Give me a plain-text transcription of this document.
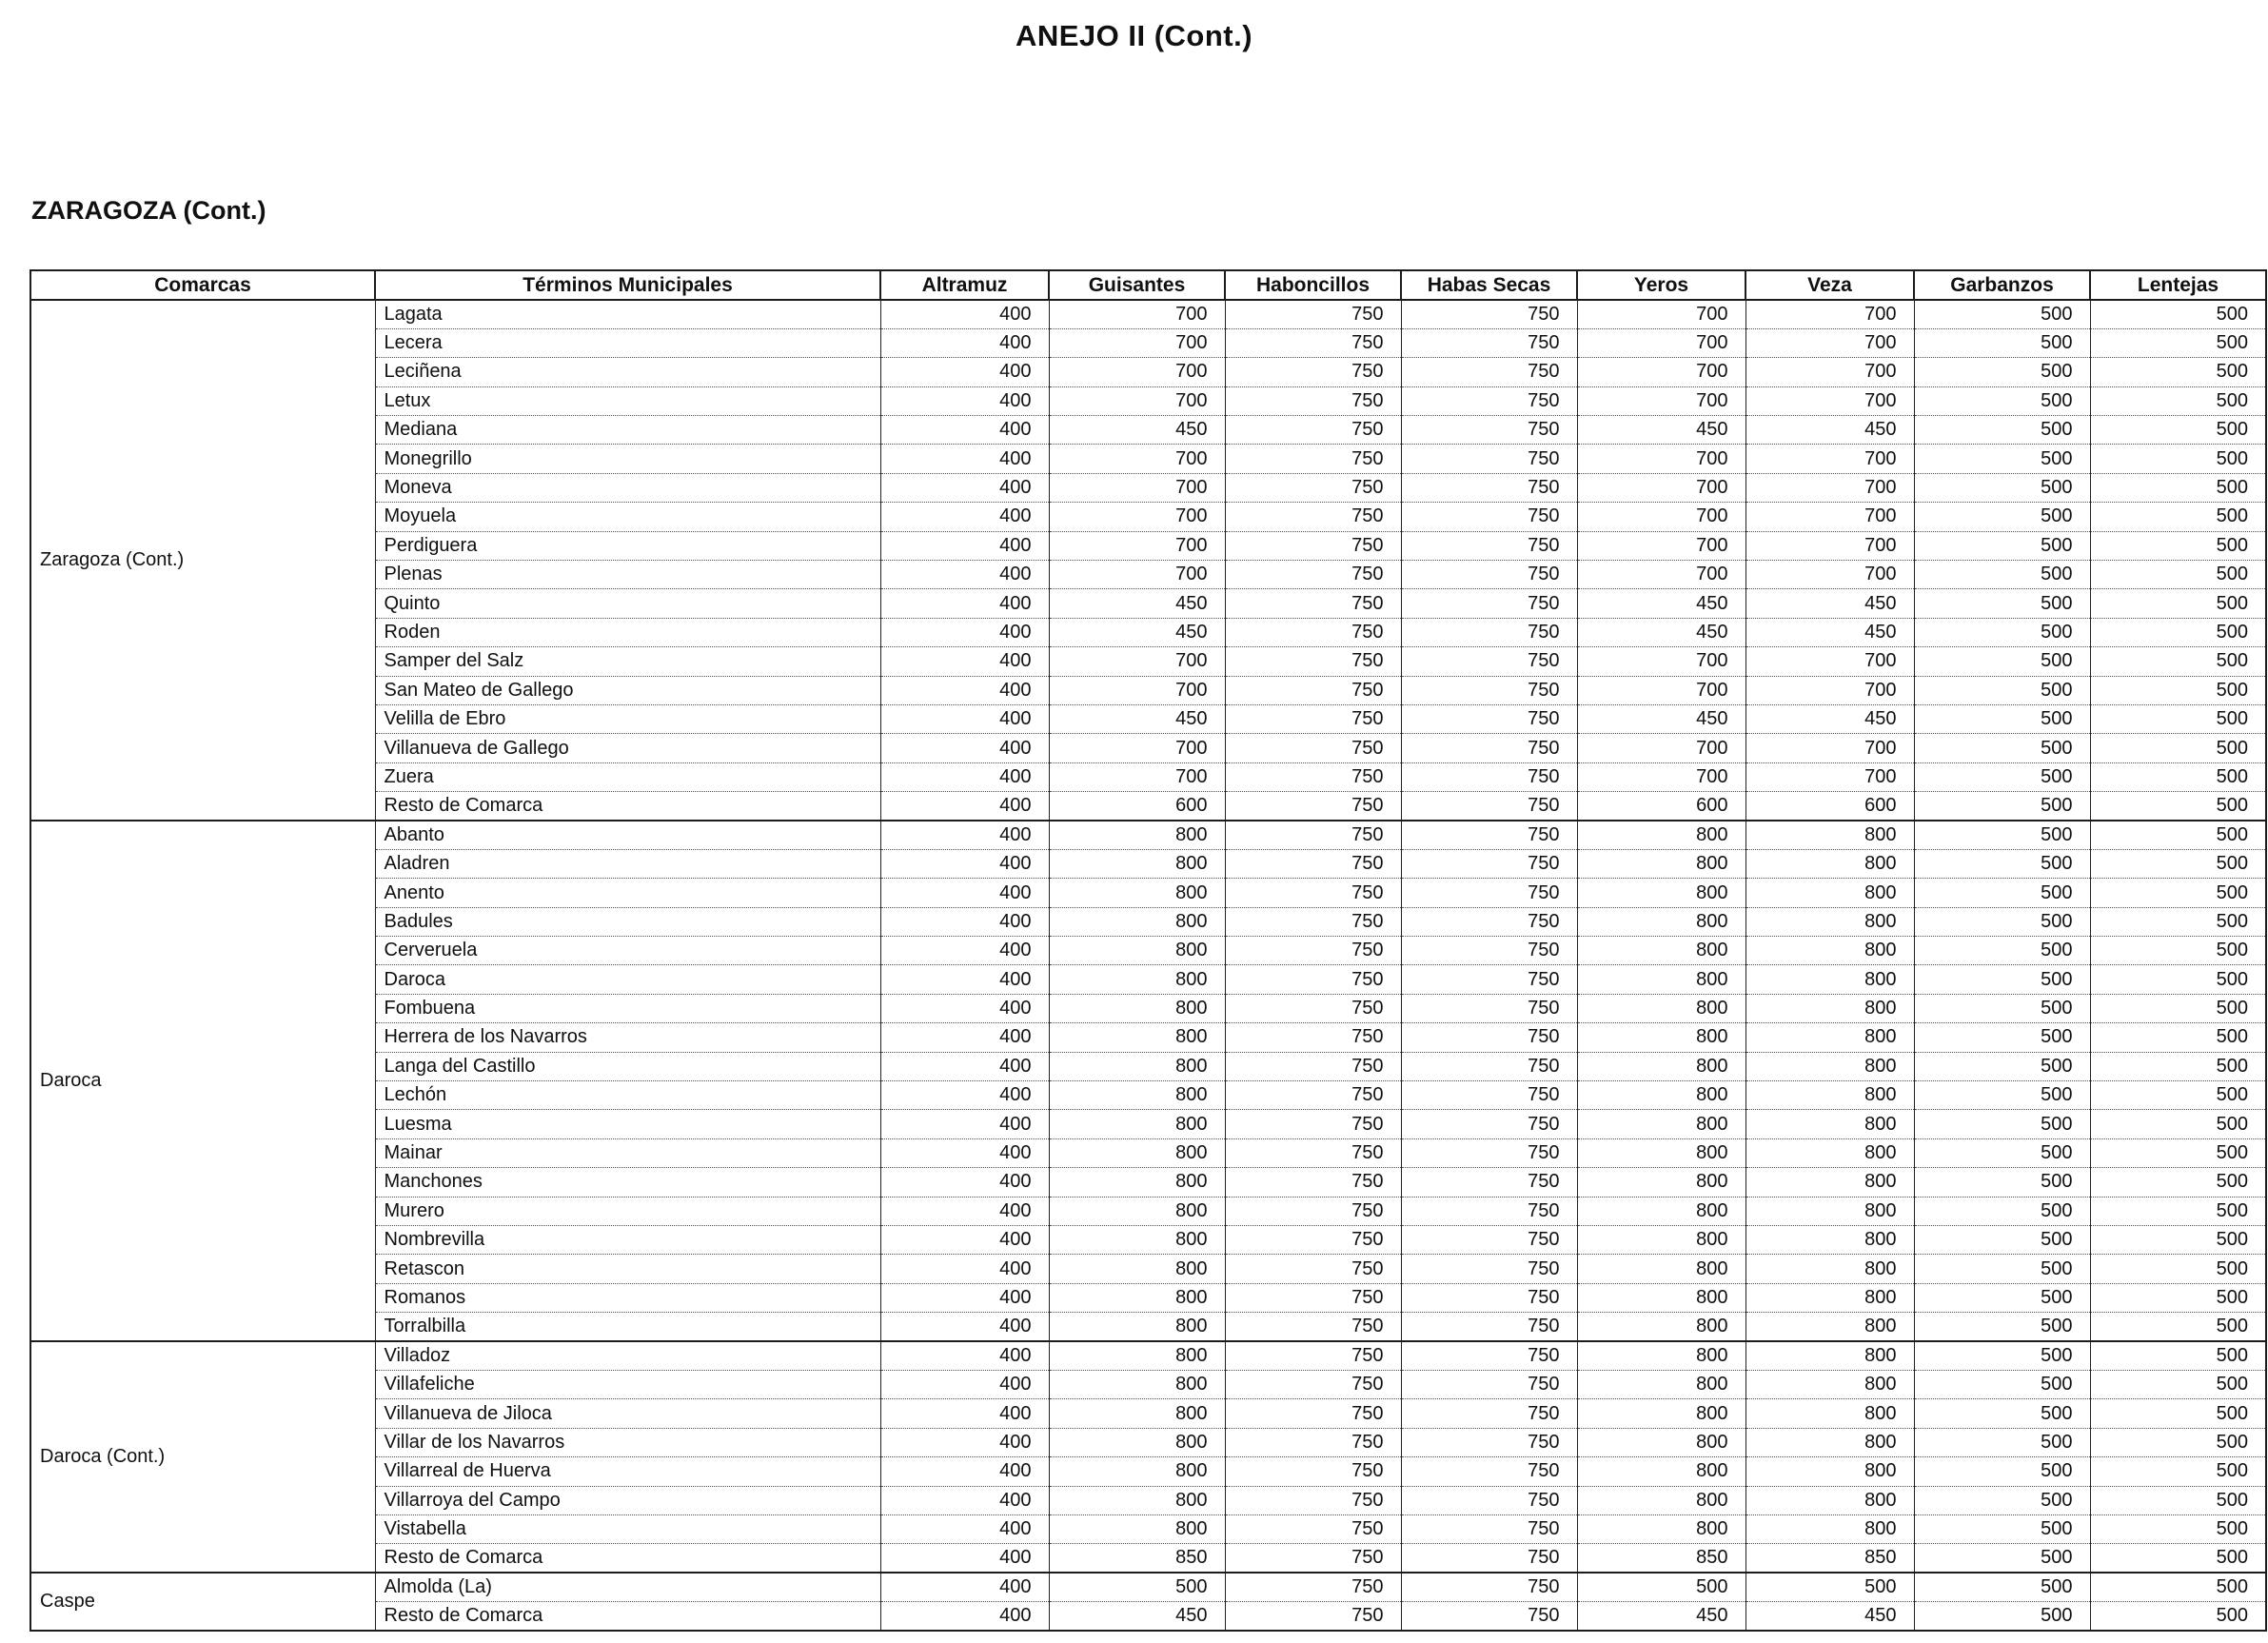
ANEJO II (Cont.)
ZARAGOZA (Cont.)
Comarcas	Términos Municipales	Altramuz	Guisantes	Haboncillos	Habas Secas	Yeros	Veza	Garbanzos	Lentejas
Zaragoza (Cont.)	Lagata	400	700	750	750	700	700	500	500
	Lecera	400	700	750	750	700	700	500	500
	Leciñena	400	700	750	750	700	700	500	500
	Letux	400	700	750	750	700	700	500	500
	Mediana	400	450	750	750	450	450	500	500
	Monegrillo	400	700	750	750	700	700	500	500
	Moneva	400	700	750	750	700	700	500	500
	Moyuela	400	700	750	750	700	700	500	500
	Perdiguera	400	700	750	750	700	700	500	500
	Plenas	400	700	750	750	700	700	500	500
	Quinto	400	450	750	750	450	450	500	500
	Roden	400	450	750	750	450	450	500	500
	Samper del Salz	400	700	750	750	700	700	500	500
	San Mateo de Gallego	400	700	750	750	700	700	500	500
	Velilla de Ebro	400	450	750	750	450	450	500	500
	Villanueva de Gallego	400	700	750	750	700	700	500	500
	Zuera	400	700	750	750	700	700	500	500
	Resto de Comarca	400	600	750	750	600	600	500	500
Daroca	Abanto	400	800	750	750	800	800	500	500
	Aladren	400	800	750	750	800	800	500	500
	Anento	400	800	750	750	800	800	500	500
	Badules	400	800	750	750	800	800	500	500
	Cerveruela	400	800	750	750	800	800	500	500
	Daroca	400	800	750	750	800	800	500	500
	Fombuena	400	800	750	750	800	800	500	500
	Herrera de los Navarros	400	800	750	750	800	800	500	500
	Langa del Castillo	400	800	750	750	800	800	500	500
	Lechón	400	800	750	750	800	800	500	500
	Luesma	400	800	750	750	800	800	500	500
	Mainar	400	800	750	750	800	800	500	500
	Manchones	400	800	750	750	800	800	500	500
	Murero	400	800	750	750	800	800	500	500
	Nombrevilla	400	800	750	750	800	800	500	500
	Retascon	400	800	750	750	800	800	500	500
	Romanos	400	800	750	750	800	800	500	500
	Torralbilla	400	800	750	750	800	800	500	500
Daroca (Cont.)	Villadoz	400	800	750	750	800	800	500	500
	Villafeliche	400	800	750	750	800	800	500	500
	Villanueva de Jiloca	400	800	750	750	800	800	500	500
	Villar de los Navarros	400	800	750	750	800	800	500	500
	Villarreal de Huerva	400	800	750	750	800	800	500	500
	Villarroya del Campo	400	800	750	750	800	800	500	500
	Vistabella	400	800	750	750	800	800	500	500
	Resto de Comarca	400	850	750	750	850	850	500	500
Caspe	Almolda (La)	400	500	750	750	500	500	500	500
	Resto de Comarca	400	450	750	750	450	450	500	500
